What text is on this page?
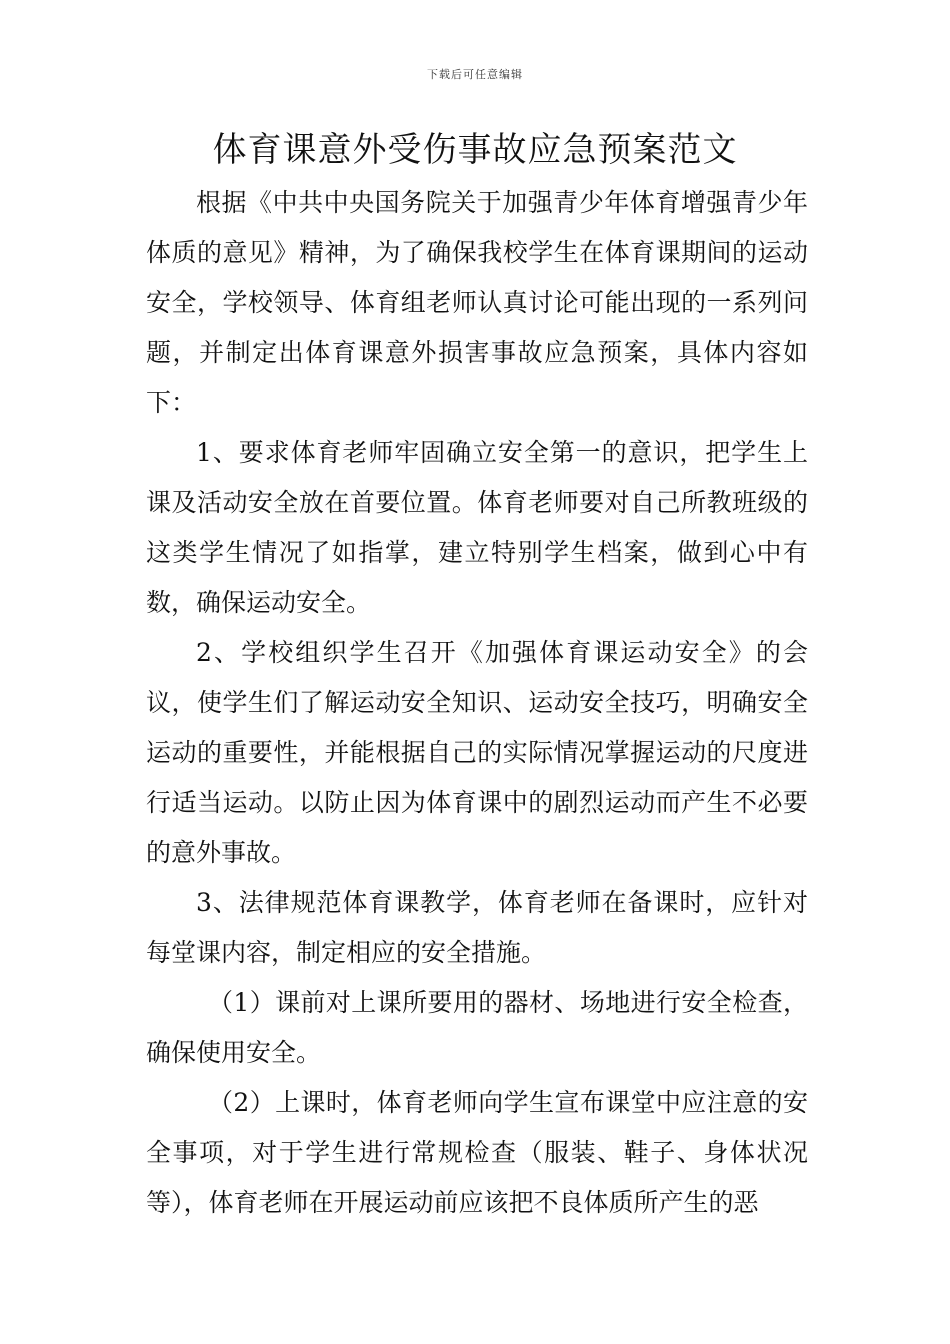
下载后可任意编辑
体育课意外受伤事故应急预案范文

根据《中共中央国务院关于加强青少年体育增强青少年体质的意见》精神，为了确保我校学生在体育课期间的运动安全，学校领导、体育组老师认真讨论可能出现的一系列问题，并制定出体育课意外损害事故应急预案，具体内容如下：

1、要求体育老师牢固确立安全第一的意识，把学生上课及活动安全放在首要位置。体育老师要对自己所教班级的这类学生情况了如指掌，建立特别学生档案，做到心中有数，确保运动安全。

2、学校组织学生召开《加强体育课运动安全》的会议，使学生们了解运动安全知识、运动安全技巧，明确安全运动的重要性，并能根据自己的实际情况掌握运动的尺度进行适当运动。以防止因为体育课中的剧烈运动而产生不必要的意外事故。

3、法律规范体育课教学，体育老师在备课时，应针对每堂课内容，制定相应的安全措施。

（1）课前对上课所要用的器材、场地进行安全检查，确保使用安全。

（2）上课时，体育老师向学生宣布课堂中应注意的安全事项，对于学生进行常规检查（服装、鞋子、身体状况等），体育老师在开展运动前应该把不良体质所产生的恶
